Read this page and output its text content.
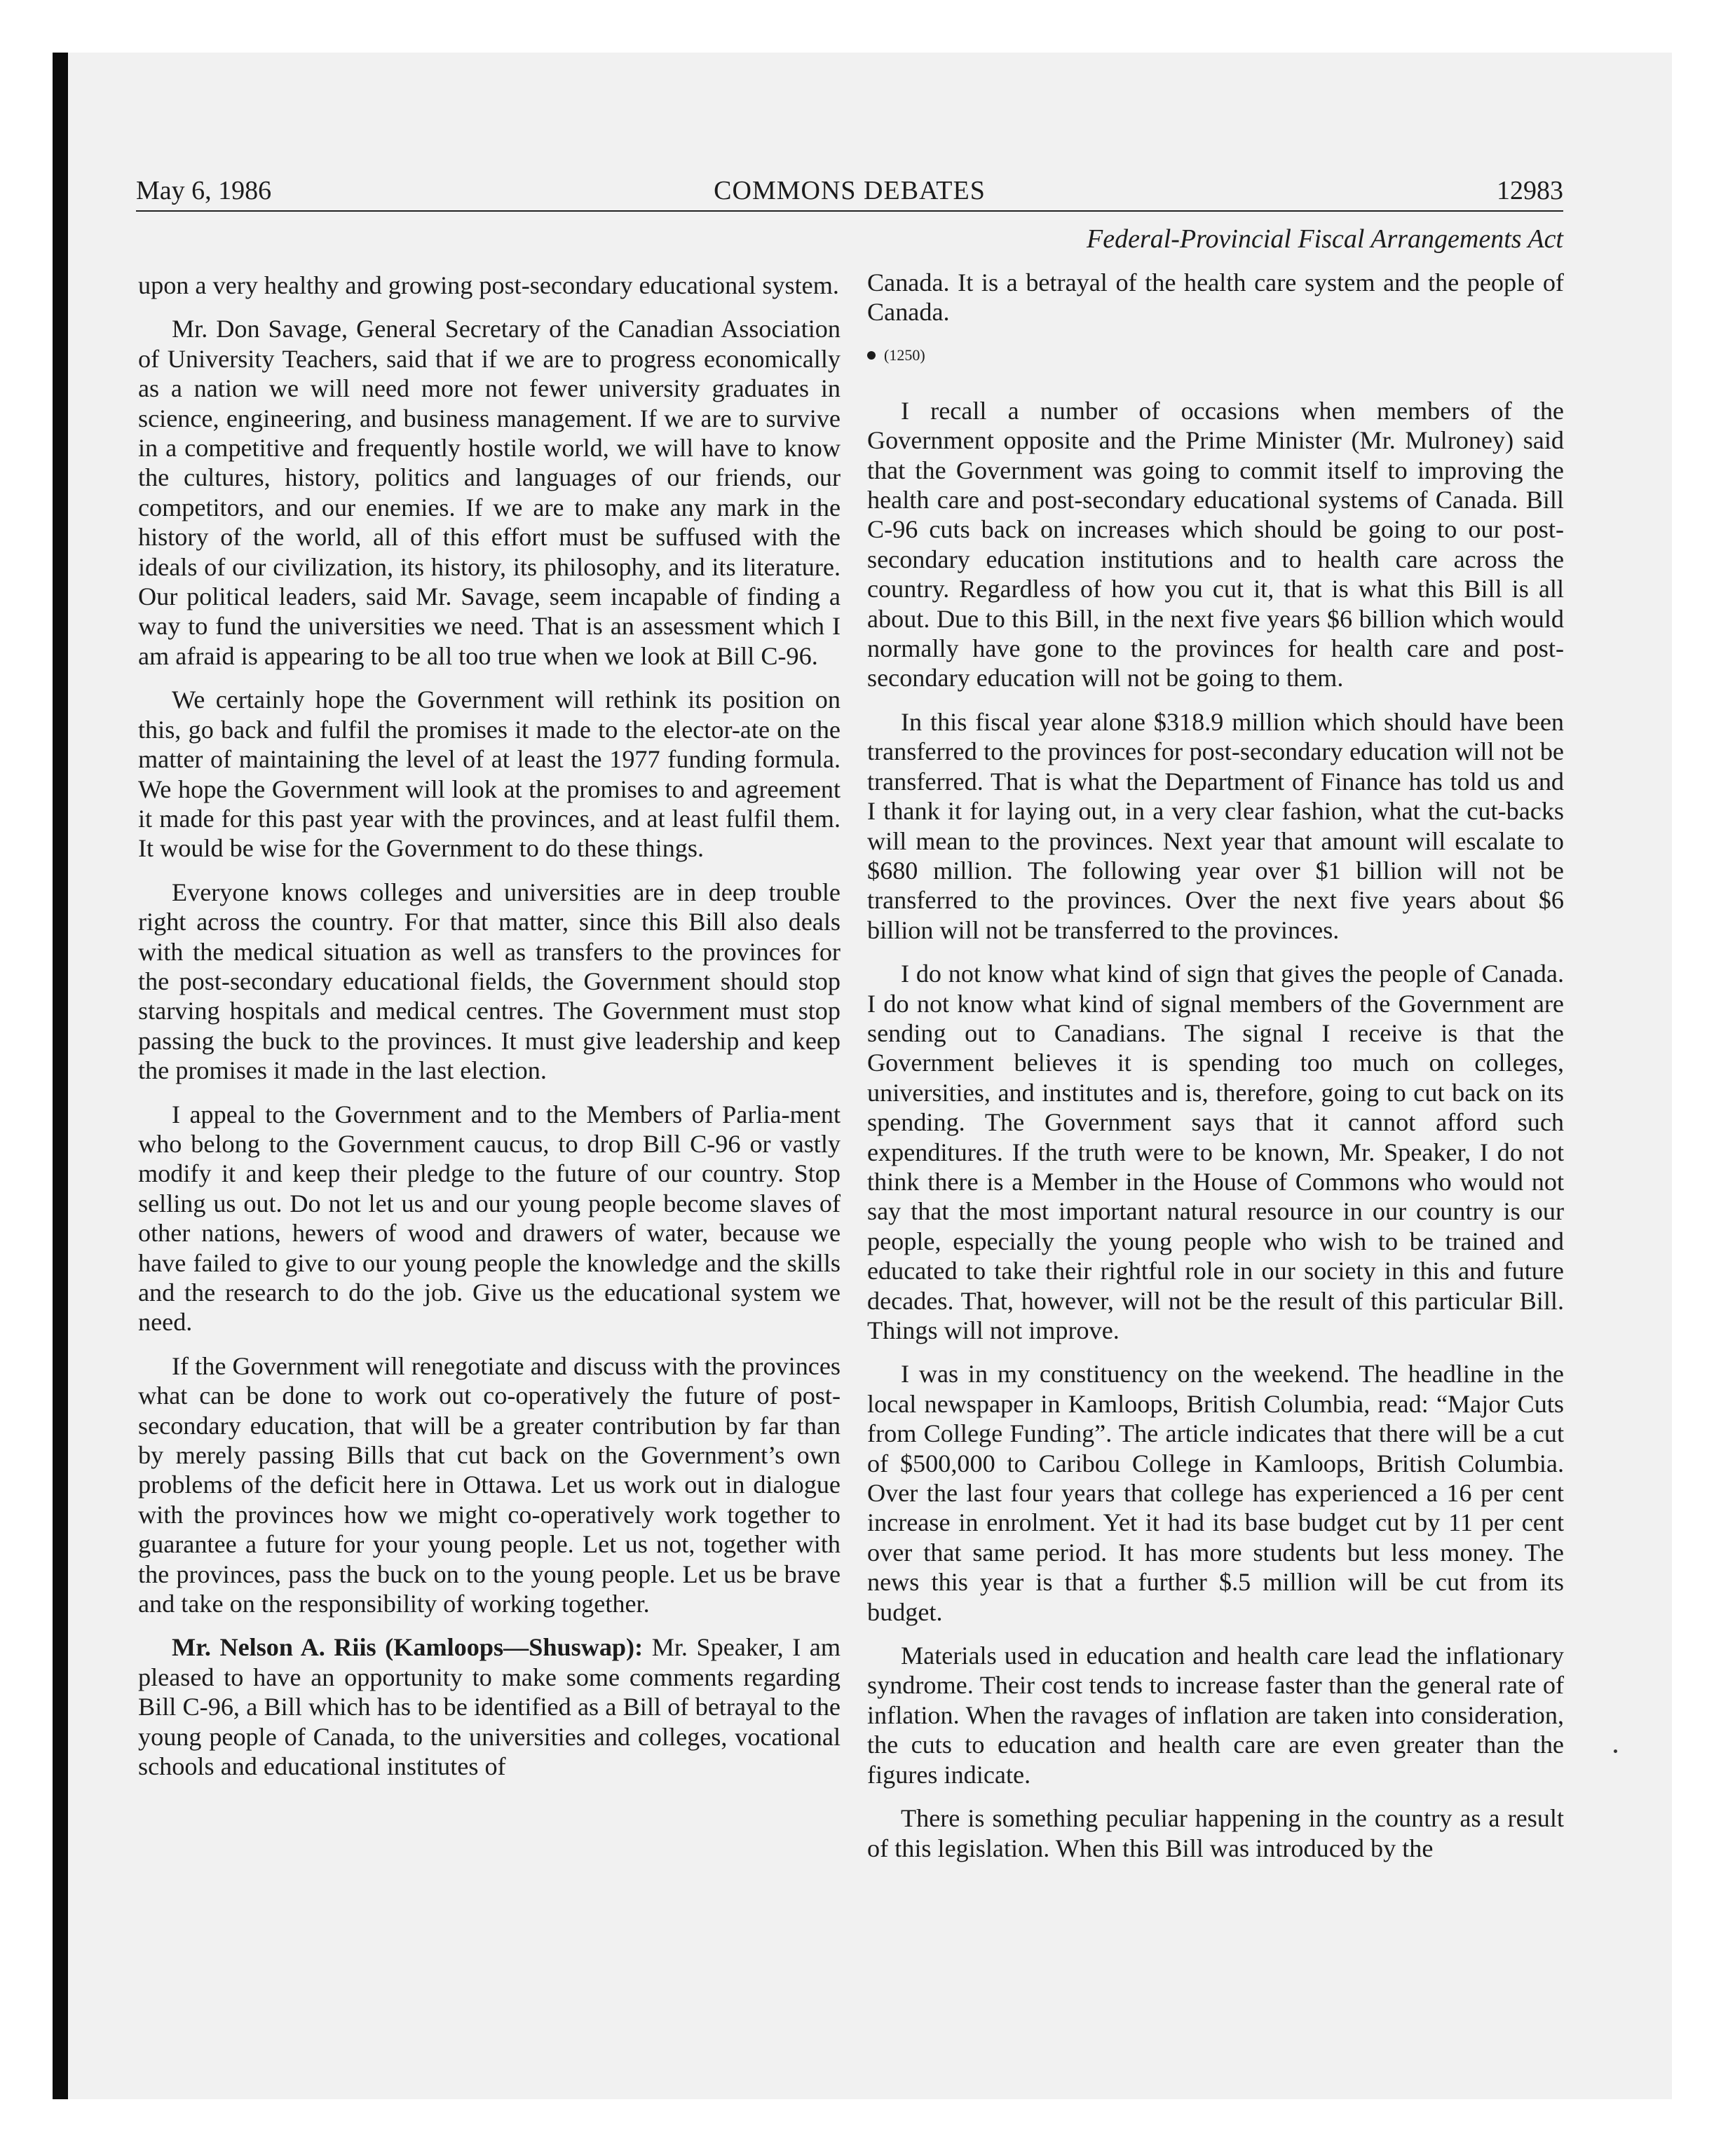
May 6, 1986	COMMONS DEBATES	12983
Federal-Provincial Fiscal Arrangements Act

upon a very healthy and growing post-secondary educational system.

Mr. Don Savage, General Secretary of the Canadian Association of University Teachers, said that if we are to progress economically as a nation we will need more not fewer university graduates in science, engineering, and business management. If we are to survive in a competitive and frequently hostile world, we will have to know the cultures, history, politics and languages of our friends, our competitors, and our enemies. If we are to make any mark in the history of the world, all of this effort must be suffused with the ideals of our civilization, its history, its philosophy, and its literature. Our political leaders, said Mr. Savage, seem incapable of finding a way to fund the universities we need. That is an assessment which I am afraid is appearing to be all too true when we look at Bill C-96.

We certainly hope the Government will rethink its position on this, go back and fulfil the promises it made to the elector-ate on the matter of maintaining the level of at least the 1977 funding formula. We hope the Government will look at the promises to and agreement it made for this past year with the provinces, and at least fulfil them. It would be wise for the Government to do these things.

Everyone knows colleges and universities are in deep trouble right across the country. For that matter, since this Bill also deals with the medical situation as well as transfers to the provinces for the post-secondary educational fields, the Government should stop starving hospitals and medical centres. The Government must stop passing the buck to the provinces. It must give leadership and keep the promises it made in the last election.

I appeal to the Government and to the Members of Parlia-ment who belong to the Government caucus, to drop Bill C-96 or vastly modify it and keep their pledge to the future of our country. Stop selling us out. Do not let us and our young people become slaves of other nations, hewers of wood and drawers of water, because we have failed to give to our young people the knowledge and the skills and the research to do the job. Give us the educational system we need.

If the Government will renegotiate and discuss with the provinces what can be done to work out co-operatively the future of post-secondary education, that will be a greater contribution by far than by merely passing Bills that cut back on the Government’s own problems of the deficit here in Ottawa. Let us work out in dialogue with the provinces how we might co-operatively work together to guarantee a future for your young people. Let us not, together with the provinces, pass the buck on to the young people. Let us be brave and take on the responsibility of working together.

Mr. Nelson A. Riis (Kamloops—Shuswap): Mr. Speaker, I am pleased to have an opportunity to make some comments regarding Bill C-96, a Bill which has to be identified as a Bill of betrayal to the young people of Canada, to the universities and colleges, vocational schools and educational institutes of

Canada. It is a betrayal of the health care system and the people of Canada.

(1250)

I recall a number of occasions when members of the Government opposite and the Prime Minister (Mr. Mulroney) said that the Government was going to commit itself to improving the health care and post-secondary educational systems of Canada. Bill C-96 cuts back on increases which should be going to our post-secondary education institutions and to health care across the country. Regardless of how you cut it, that is what this Bill is all about. Due to this Bill, in the next five years $6 billion which would normally have gone to the provinces for health care and post-secondary education will not be going to them.

In this fiscal year alone $318.9 million which should have been transferred to the provinces for post-secondary education will not be transferred. That is what the Department of Finance has told us and I thank it for laying out, in a very clear fashion, what the cut-backs will mean to the provinces. Next year that amount will escalate to $680 million. The following year over $1 billion will not be transferred to the provinces. Over the next five years about $6 billion will not be transferred to the provinces.

I do not know what kind of sign that gives the people of Canada. I do not know what kind of signal members of the Government are sending out to Canadians. The signal I receive is that the Government believes it is spending too much on colleges, universities, and institutes and is, therefore, going to cut back on its spending. The Government says that it cannot afford such expenditures. If the truth were to be known, Mr. Speaker, I do not think there is a Member in the House of Commons who would not say that the most important natural resource in our country is our people, especially the young people who wish to be trained and educated to take their rightful role in our society in this and future decades. That, however, will not be the result of this particular Bill. Things will not improve.

I was in my constituency on the weekend. The headline in the local newspaper in Kamloops, British Columbia, read: “Major Cuts from College Funding”. The article indicates that there will be a cut of $500,000 to Caribou College in Kamloops, British Columbia. Over the last four years that college has experienced a 16 per cent increase in enrolment. Yet it had its base budget cut by 11 per cent over that same period. It has more students but less money. The news this year is that a further $.5 million will be cut from its budget.

Materials used in education and health care lead the inflationary syndrome. Their cost tends to increase faster than the general rate of inflation. When the ravages of inflation are taken into consideration, the cuts to education and health care are even greater than the figures indicate.

There is something peculiar happening in the country as a result of this legislation. When this Bill was introduced by the
